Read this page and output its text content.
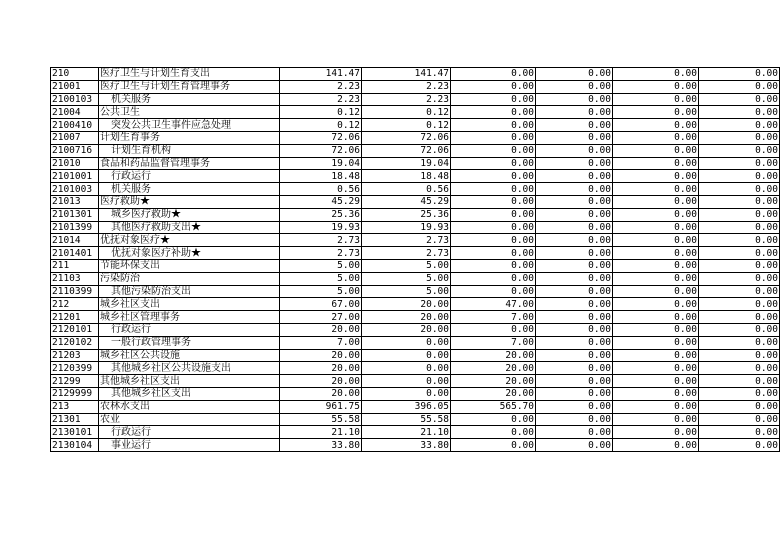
210	医疗卫生与计划生育支出	141.47	141.47	0.00	0.00	0.00	0.00
21001	医疗卫生与计划生育管理事务	2.23	2.23	0.00	0.00	0.00	0.00
2100103	机关服务	2.23	2.23	0.00	0.00	0.00	0.00
21004	公共卫生	0.12	0.12	0.00	0.00	0.00	0.00
2100410	突发公共卫生事件应急处理	0.12	0.12	0.00	0.00	0.00	0.00
21007	计划生育事务	72.06	72.06	0.00	0.00	0.00	0.00
2100716	计划生育机构	72.06	72.06	0.00	0.00	0.00	0.00
21010	食品和药品监督管理事务	19.04	19.04	0.00	0.00	0.00	0.00
2101001	行政运行	18.48	18.48	0.00	0.00	0.00	0.00
2101003	机关服务	0.56	0.56	0.00	0.00	0.00	0.00
21013	医疗救助★	45.29	45.29	0.00	0.00	0.00	0.00
2101301	城乡医疗救助★	25.36	25.36	0.00	0.00	0.00	0.00
2101399	其他医疗救助支出★	19.93	19.93	0.00	0.00	0.00	0.00
21014	优抚对象医疗★	2.73	2.73	0.00	0.00	0.00	0.00
2101401	优抚对象医疗补助★	2.73	2.73	0.00	0.00	0.00	0.00
211	节能环保支出	5.00	5.00	0.00	0.00	0.00	0.00
21103	污染防治	5.00	5.00	0.00	0.00	0.00	0.00
2110399	其他污染防治支出	5.00	5.00	0.00	0.00	0.00	0.00
212	城乡社区支出	67.00	20.00	47.00	0.00	0.00	0.00
21201	城乡社区管理事务	27.00	20.00	7.00	0.00	0.00	0.00
2120101	行政运行	20.00	20.00	0.00	0.00	0.00	0.00
2120102	一般行政管理事务	7.00	0.00	7.00	0.00	0.00	0.00
21203	城乡社区公共设施	20.00	0.00	20.00	0.00	0.00	0.00
2120399	其他城乡社区公共设施支出	20.00	0.00	20.00	0.00	0.00	0.00
21299	其他城乡社区支出	20.00	0.00	20.00	0.00	0.00	0.00
2129999	其他城乡社区支出	20.00	0.00	20.00	0.00	0.00	0.00
213	农林水支出	961.75	396.05	565.70	0.00	0.00	0.00
21301	农业	55.58	55.58	0.00	0.00	0.00	0.00
2130101	行政运行	21.10	21.10	0.00	0.00	0.00	0.00
2130104	事业运行	33.80	33.80	0.00	0.00	0.00	0.00
